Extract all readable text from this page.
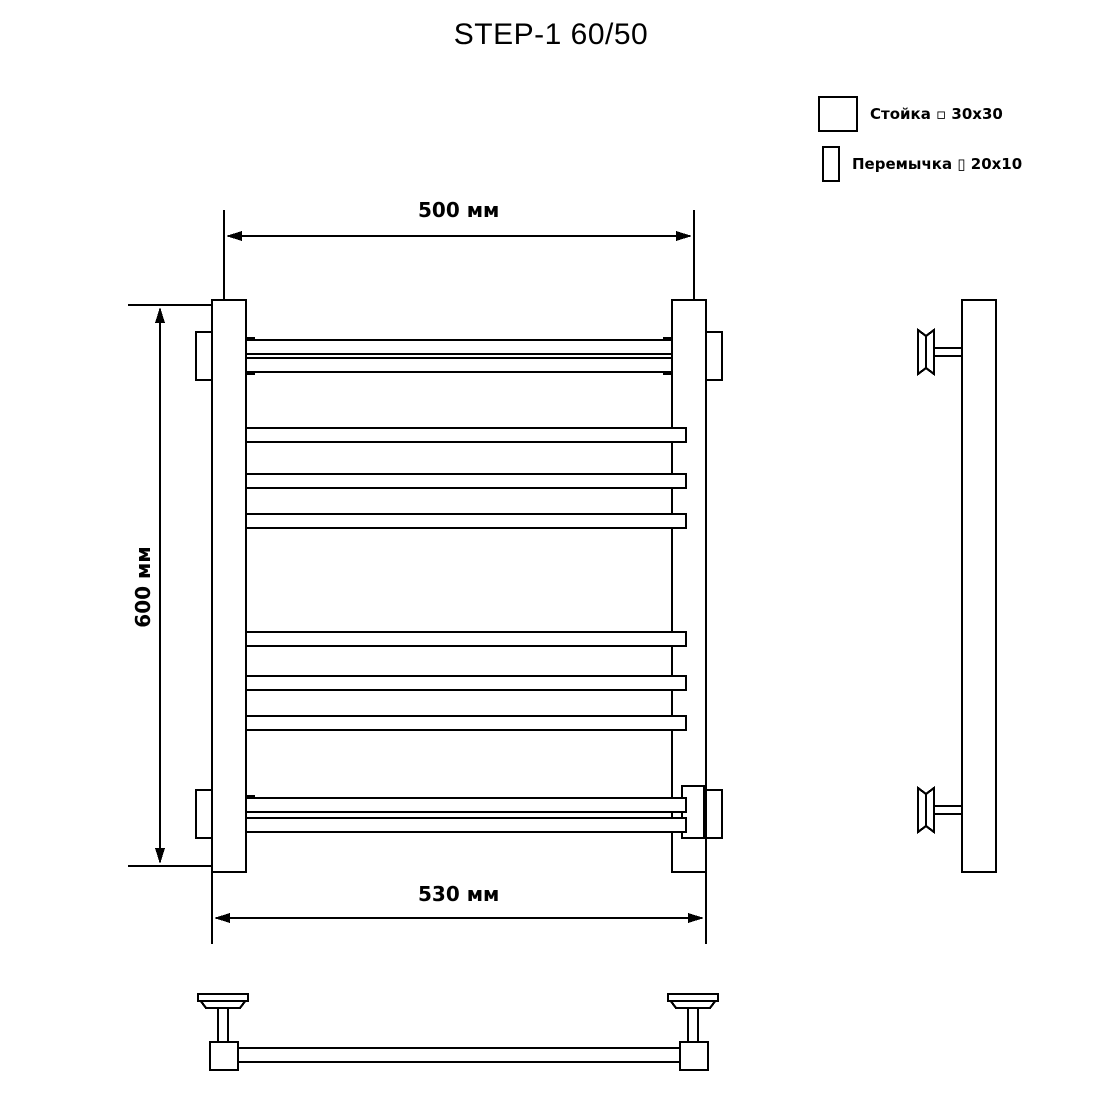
STEP-1 60/50
Стойка ▫ 30x30
Перемычка ▯ 20x10
500 мм
600 мм
530 мм
